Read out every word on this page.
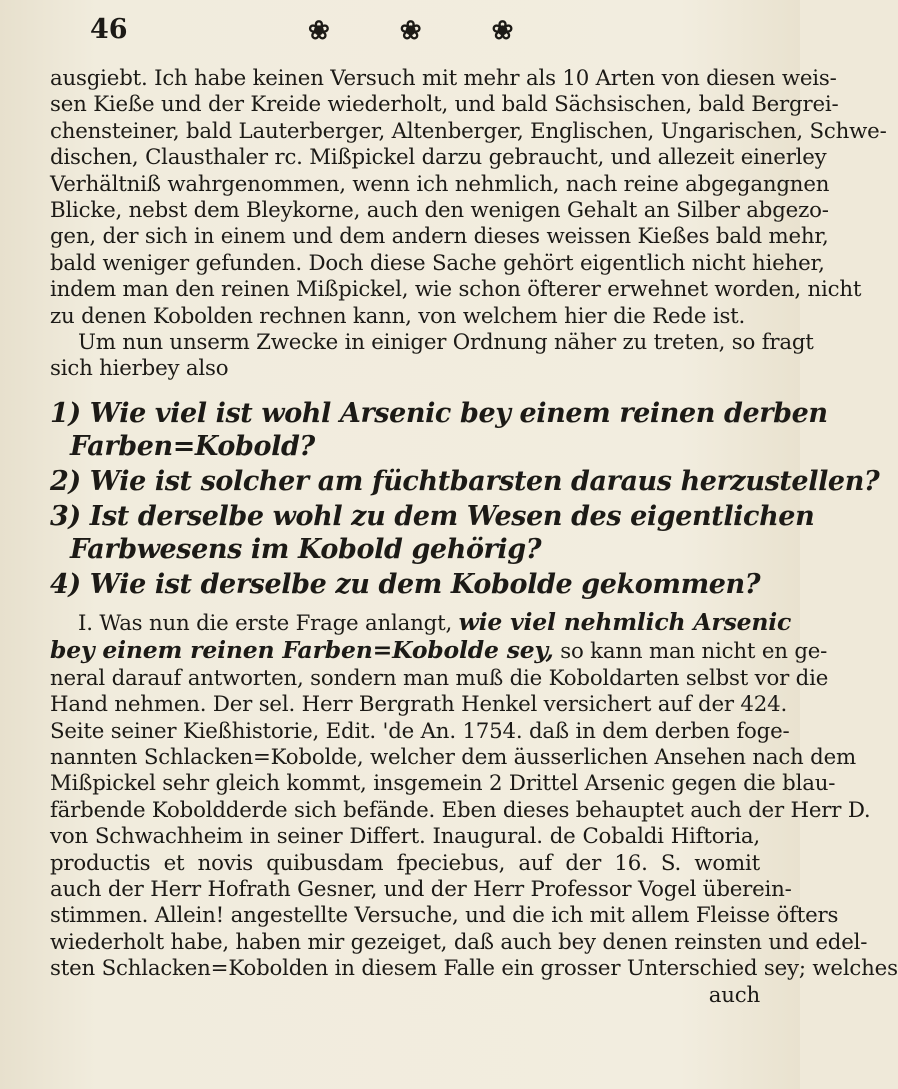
46	❀	❀	❀
ausgiebt. Ich habe keinen Versuch mit mehr als 10 Arten von diesen weis-
sen Kieße und der Kreide wiederholt, und bald Sächsischen, bald Bergrei-
chensteiner, bald Lauterberger, Altenberger, Englischen, Ungarischen, Schwe-
dischen, Clausthaler rc. Mißpickel darzu gebraucht, und allezeit einerley
Verhältniß wahrgenommen, wenn ich nehmlich, nach reine abgegangnen
Blicke, nebst dem Bleykorne, auch den wenigen Gehalt an Silber abgezo-
gen, der sich in einem und dem andern dieses weissen Kießes bald mehr,
bald weniger gefunden. Doch diese Sache gehört eigentlich nicht hieher,
indem man den reinen Mißpickel, wie schon öfterer erwehnet worden, nicht
zu denen Kobolden rechnen kann, von welchem hier die Rede ist.
Um nun unserm Zwecke in einiger Ordnung näher zu treten, so fragt
sich hierbey also
1) Wie viel ist wohl Arsenic bey einem reinen derben
Farben=Kobold?
2) Wie ist solcher am füchtbarsten daraus herzustellen?
3) Ist derselbe wohl zu dem Wesen des eigentlichen
Farbwesens im Kobold gehörig?
4) Wie ist derselbe zu dem Kobolde gekommen?
I. Was nun die erste Frage anlangt, wie viel nehmlich Arsenic
bey einem reinen Farben=Kobolde sey, so kann man nicht en ge-
neral darauf antworten, sondern man muß die Koboldarten selbst vor die
Hand nehmen. Der sel. Herr Bergrath Henkel versichert auf der 424.
Seite seiner Kießhistorie, Edit. 'de An. 1754. daß in dem derben foge-
nannten Schlacken=Kobolde, welcher dem äusserlichen Ansehen nach dem
Mißpickel sehr gleich kommt, insgemein 2 Drittel Arsenic gegen die blau-
färbende Koboldderde sich befände. Eben dieses behauptet auch der Herr D.
von Schwachheim in seiner Differt. Inaugural. de Cobaldi Hiftoria,
productis et novis quibusdam fpeciebus, auf der 16. S. womit
auch der Herr Hofrath Gesner, und der Herr Professor Vogel überein-
stimmen. Allein! angestellte Versuche, und die ich mit allem Fleisse öfters
wiederholt habe, haben mir gezeiget, daß auch bey denen reinsten und edel-
sten Schlacken=Kobolden in diesem Falle ein grosser Unterschied sey; welches
auch
